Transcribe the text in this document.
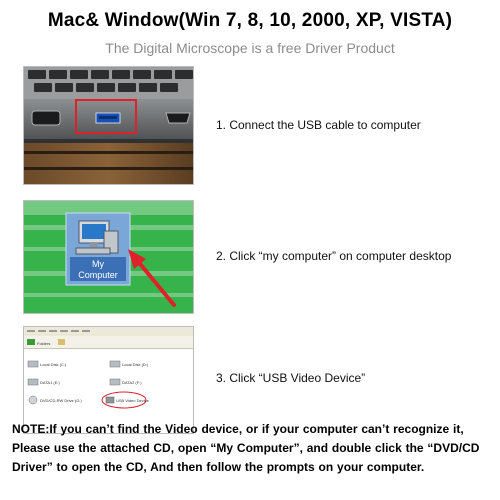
Mac& Window(Win 7, 8, 10, 2000, XP, VISTA)
The Digital Microscope is a free Driver Product
1. Connect the USB cable to computer
My
Computer
2. Click “my computer” on computer desktop
Folders
Local Disk (C:)	Local Disk (D:)
DATA1 (E:)	DATA2 (F:)
DVD/CD-RW Drive (G:)	USB Video Device
3. Click “USB Video Device”
NOTE:If you can’t find the Video device, or if your computer can’t recognize it, Please use the attached CD, open “My Computer”, and double click the “DVD/CD Driver” to open the CD, And then follow the prompts on your computer.
